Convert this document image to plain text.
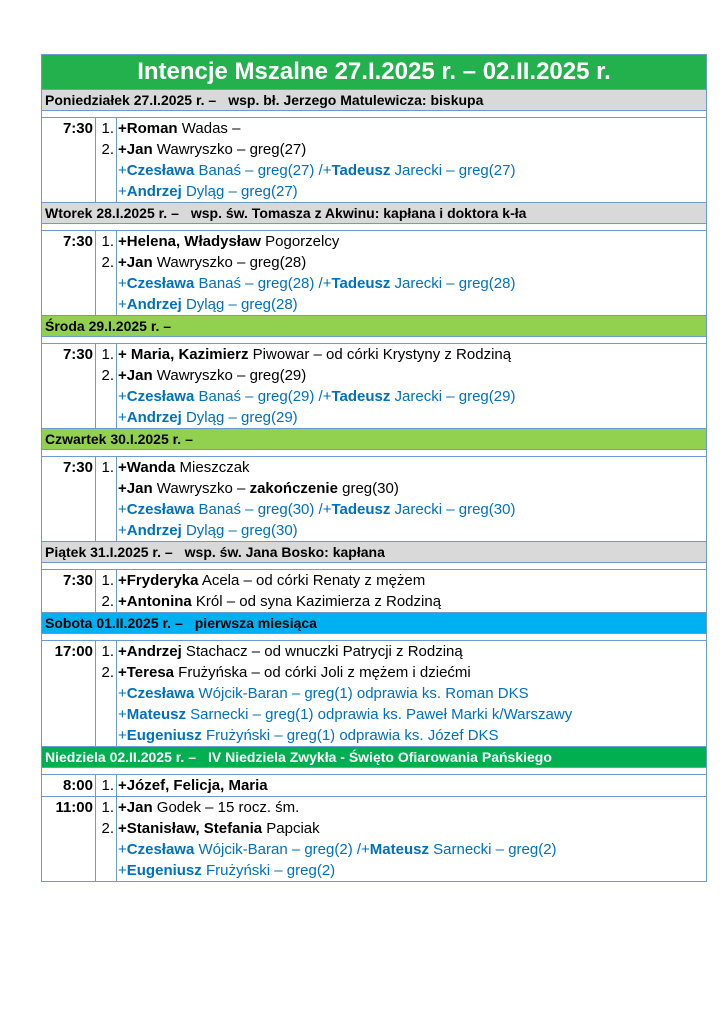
Intencje Mszalne 27.I.2025 r. – 02.II.2025 r.
Poniedziałek 27.I.2025 r. – wsp. bł. Jerzego Matulewicza: biskupa
7:30 1. +Roman Wadas –
2. +Jan Wawryszko – greg(27)
+Czesława Banaś – greg(27) /+Tadeusz Jarecki – greg(27)
+Andrzej Dyląg – greg(27)
Wtorek 28.I.2025 r. – wsp. św. Tomasza z Akwinu: kapłana i doktora k-ła
7:30 1. +Helena, Władysław Pogorzelcy
2. +Jan Wawryszko – greg(28)
+Czesława Banaś – greg(28) /+Tadeusz Jarecki – greg(28)
+Andrzej Dyląg – greg(28)
Środa 29.I.2025 r. –
7:30 1. + Maria, Kazimierz Piwowar – od córki Krystyny z Rodziną
2. +Jan Wawryszko – greg(29)
+Czesława Banaś – greg(29) /+Tadeusz Jarecki – greg(29)
+Andrzej Dyląg – greg(29)
Czwartek 30.I.2025 r. –
7:30 1. +Wanda Mieszczak
+Jan Wawryszko – zakończenie greg(30)
+Czesława Banaś – greg(30) /+Tadeusz Jarecki – greg(30)
+Andrzej Dyląg – greg(30)
Piątek 31.I.2025 r. – wsp. św. Jana Bosko: kapłana
7:30 1. +Fryderyka Acela – od córki Renaty z mężem
2. +Antonina Król – od syna Kazimierza z Rodziną
Sobota 01.II.2025 r. – pierwsza miesiąca
17:00 1. +Andrzej Stachacz – od wnuczki Patrycji z Rodziną
2. +Teresa Frużyńska – od córki Joli z mężem i dziećmi
+Czesława Wójcik-Baran – greg(1) odprawia ks. Roman DKS
+Mateusz Sarnecki – greg(1) odprawia ks. Paweł Marki k/Warszawy
+Eugeniusz Frużyński – greg(1) odprawia ks. Józef DKS
Niedziela 02.II.2025 r. – IV Niedziela Zwykła - Święto Ofiarowania Pańskiego
8:00 1. +Józef, Felicja, Maria
11:00 1. +Jan Godek – 15 rocz. śm.
2. +Stanisław, Stefania Papciak
+Czesława Wójcik-Baran – greg(2) /+Mateusz Sarnecki – greg(2)
+Eugeniusz Frużyński – greg(2)
